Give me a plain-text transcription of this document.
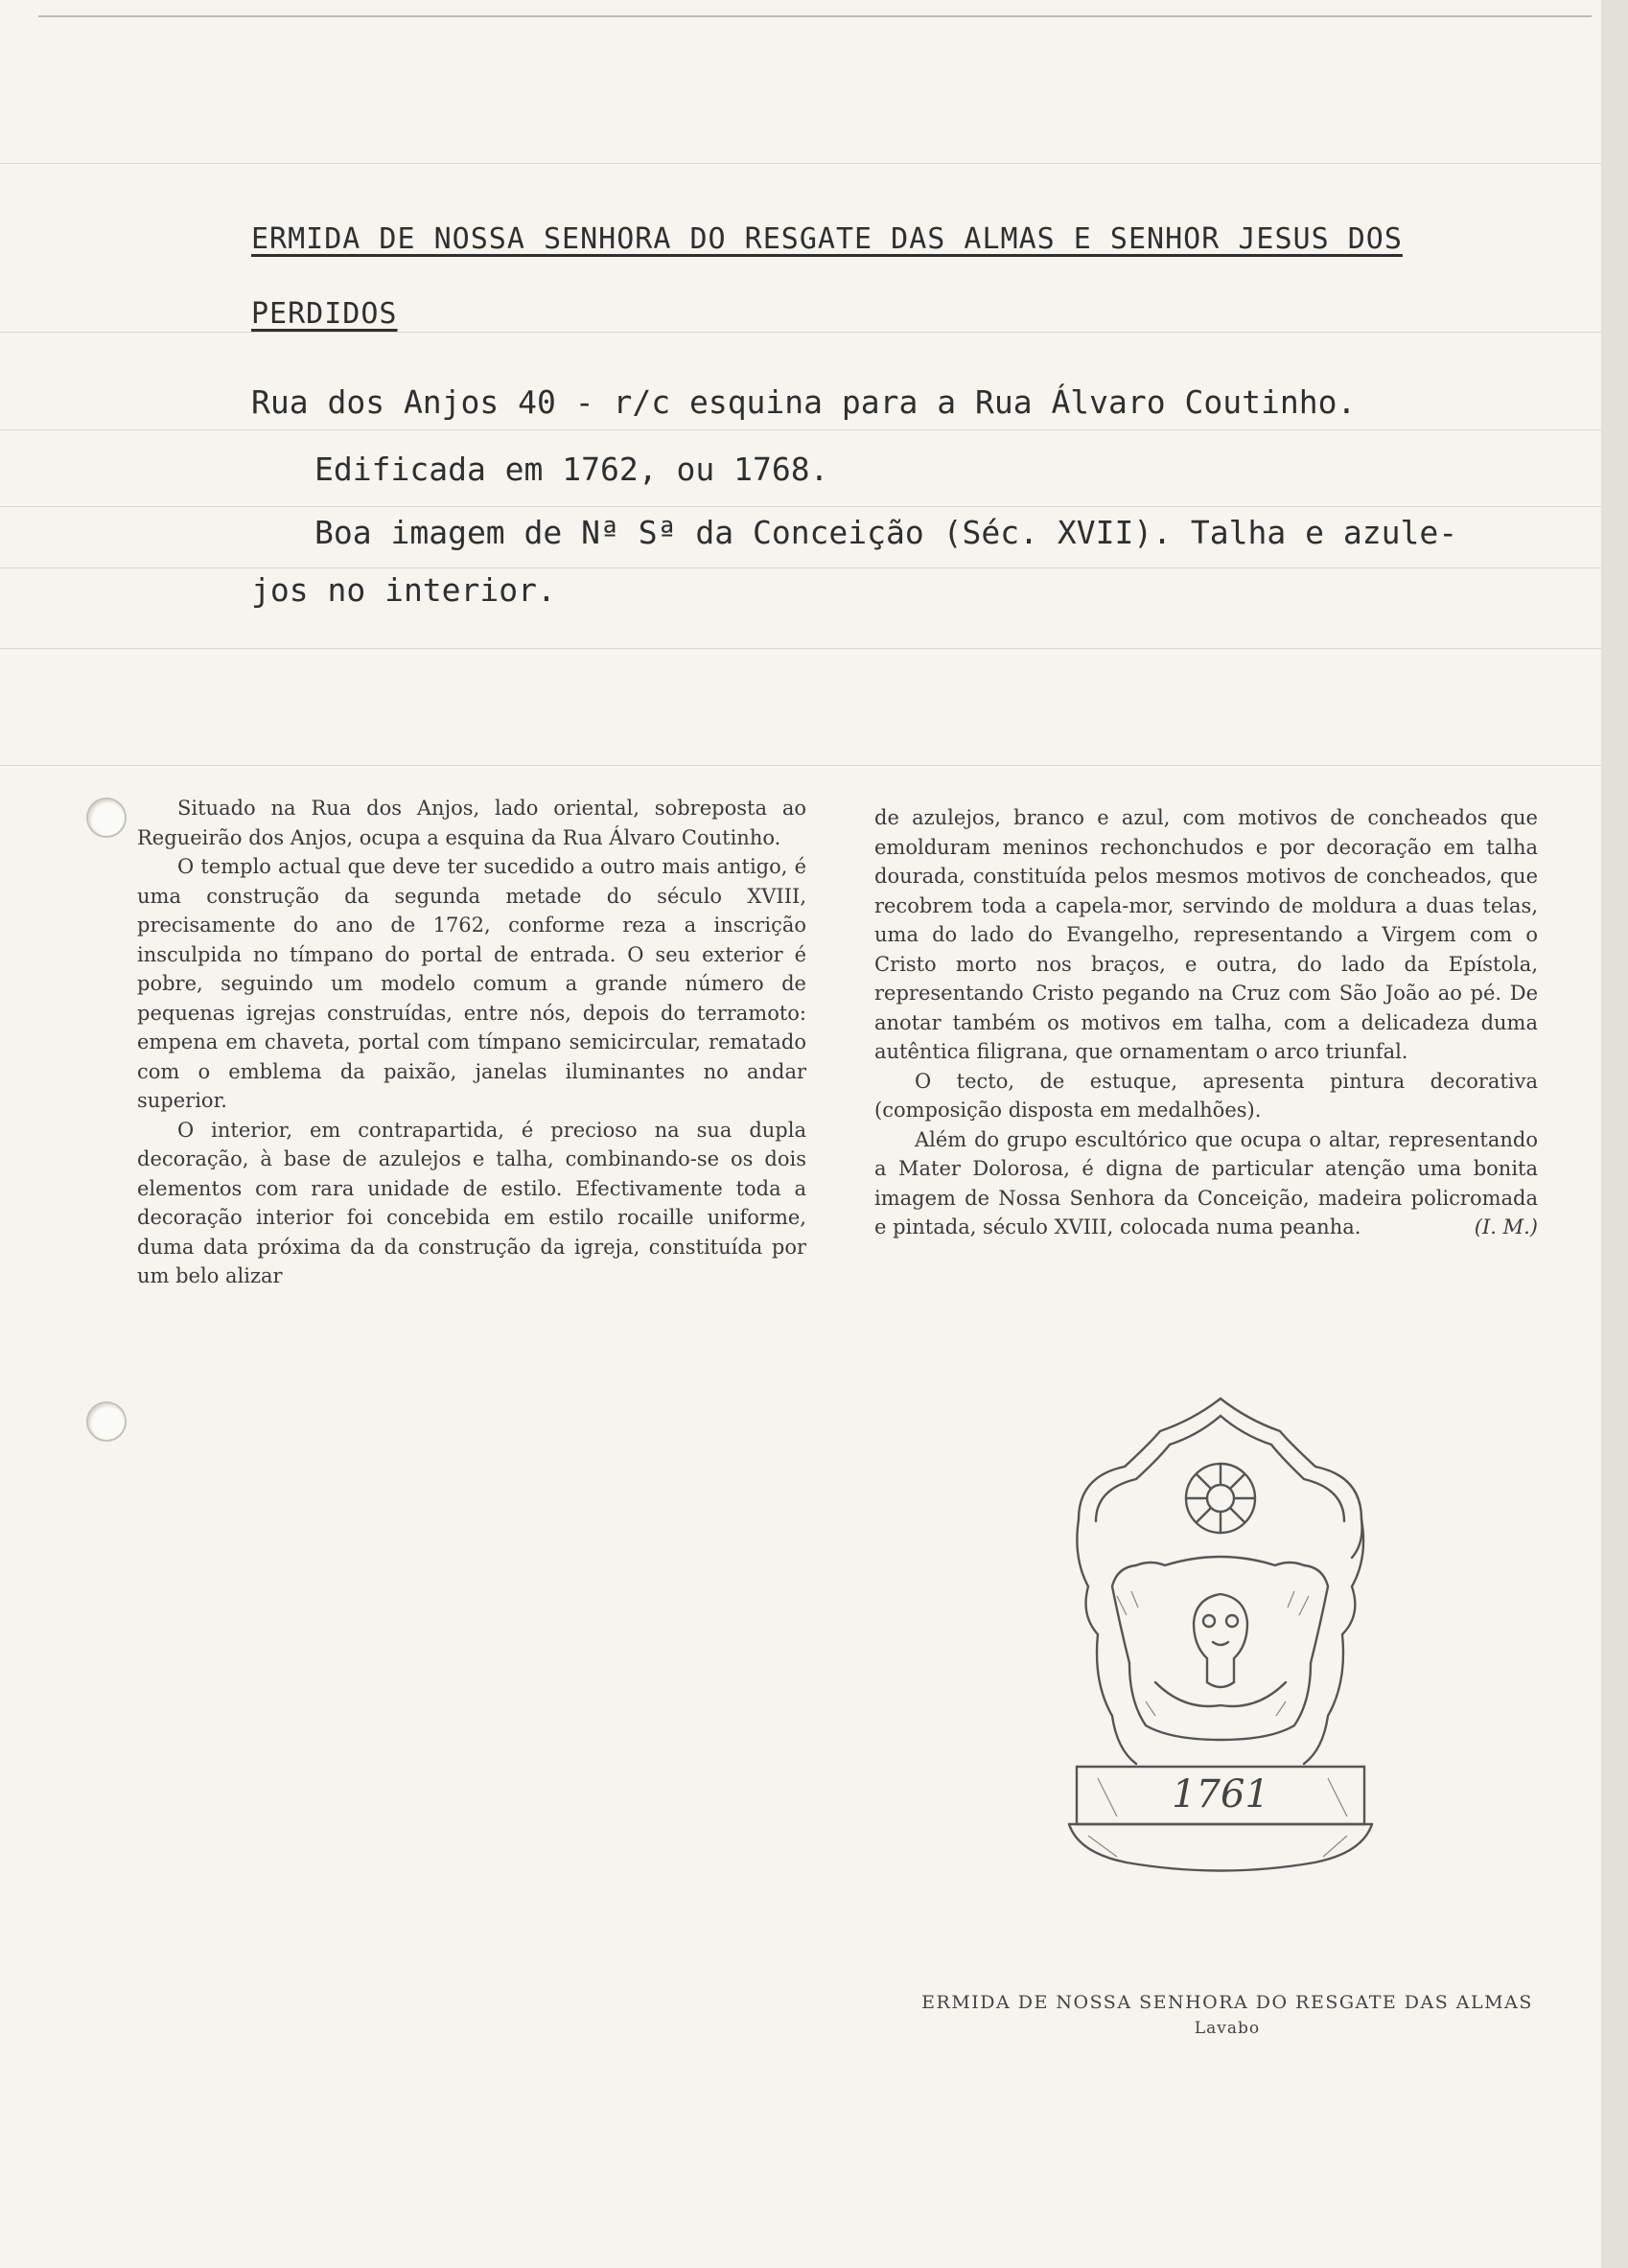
ERMIDA DE NOSSA SENHORA DO RESGATE DAS ALMAS E SENHOR JESUS DOS
PERDIDOS
Rua dos Anjos 40 - r/c esquina para a Rua Álvaro Coutinho.
Edificada em 1762, ou 1768.
Boa imagem de Nª Sª da Conceição (Séc. XVII). Talha e azule-
jos no interior.

Situado na Rua dos Anjos, lado oriental, sobreposta ao Regueirão dos Anjos, ocupa a esquina da Rua Álvaro Coutinho.

O templo actual que deve ter sucedido a outro mais antigo, é uma construção da segunda metade do século XVIII, precisamente do ano de 1762, conforme reza a inscrição insculpida no tímpano do portal de entrada. O seu exterior é pobre, seguindo um modelo comum a grande número de pequenas igrejas construídas, entre nós, depois do terramoto: empena em chaveta, portal com tímpano semicircular, rematado com o emblema da paixão, janelas iluminantes no andar superior.

O interior, em contrapartida, é precioso na sua dupla decoração, à base de azulejos e talha, combinando-se os dois elementos com rara unidade de estilo. Efectivamente toda a decoração interior foi concebida em estilo rocaille uniforme, duma data próxima da da construção da igreja, constituída por um belo alizar

de azulejos, branco e azul, com motivos de concheados que emolduram meninos rechonchudos e por decoração em talha dourada, constituída pelos mesmos motivos de concheados, que recobrem toda a capela-mor, servindo de moldura a duas telas, uma do lado do Evangelho, representando a Virgem com o Cristo morto nos braços, e outra, do lado da Epístola, representando Cristo pegando na Cruz com São João ao pé. De anotar também os motivos em talha, com a delicadeza duma autêntica filigrana, que ornamentam o arco triunfal.

O tecto, de estuque, apresenta pintura decorativa (composição disposta em medalhões).

Além do grupo escultórico que ocupa o altar, representando a Mater Dolorosa, é digna de particular atenção uma bonita imagem de Nossa Senhora da Conceição, madeira policromada e pintada, século XVIII, colocada numa peanha.	(I. M.)

1761
ERMIDA DE NOSSA SENHORA DO RESGATE DAS ALMAS
Lavabo
